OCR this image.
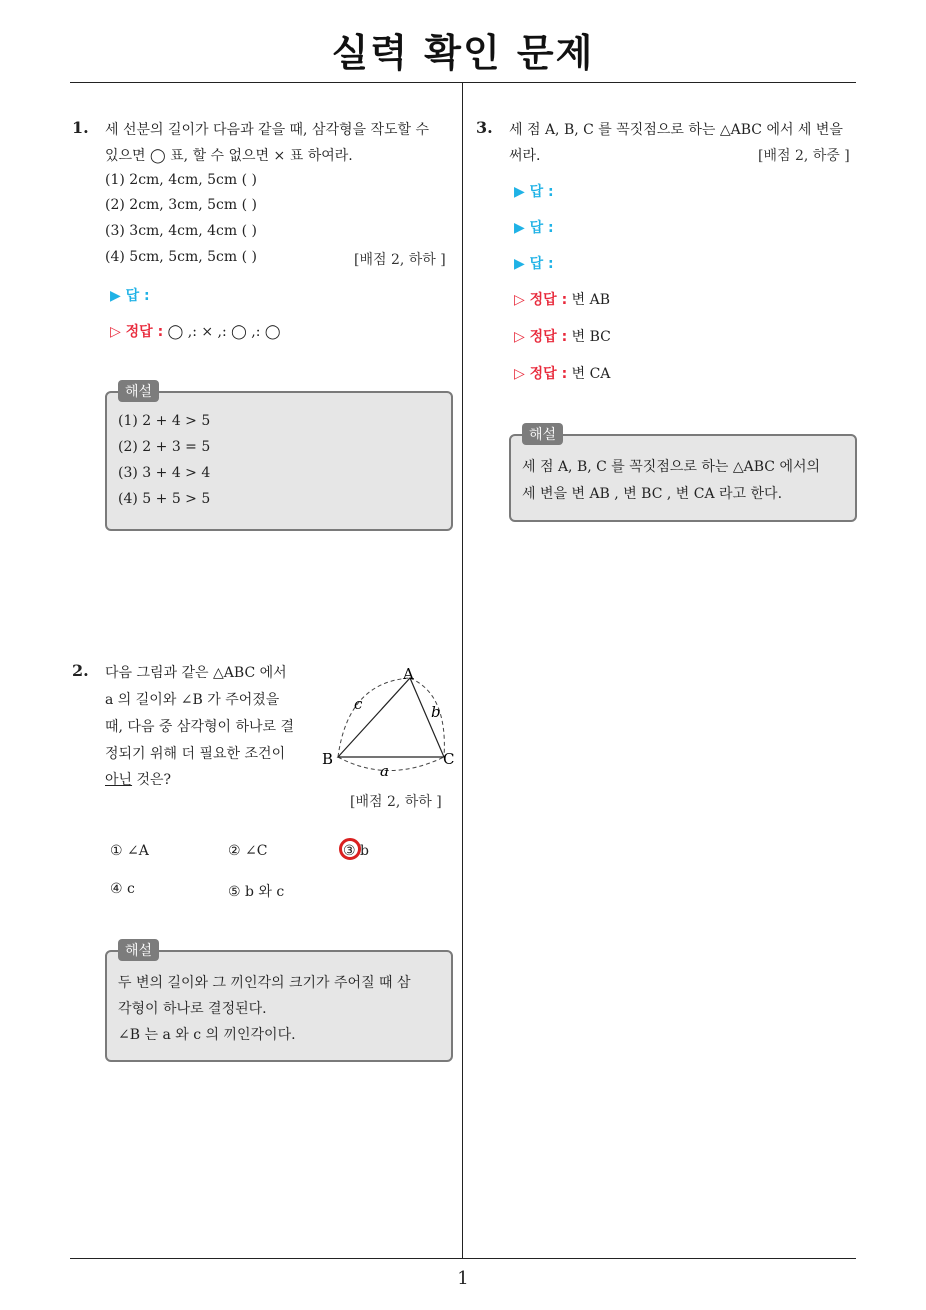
실력 확인 문제
1. 세 선분의 길이가 다음과 같을 때, 삼각형을 작도할 수
있으면 ◯ 표, 할 수 없으면 × 표 하여라.
(1) 2cm, 4cm, 5cm ( )
(2) 2cm, 3cm, 5cm ( )
(3) 3cm, 4cm, 4cm ( )
(4) 5cm, 5cm, 5cm ( )	[배점 2, 하하 ]
▶ 답 :
▷ 정답 : ◯ ,: × ,: ◯ ,: ◯
해설
(1) 2 + 4 > 5
(2) 2 + 3 = 5
(3) 3 + 4 > 4
(4) 5 + 5 > 5
2. 다음 그림과 같은 △ABC 에서
a 의 길이와 ∠B 가 주어졌을
때, 다음 중 삼각형이 하나로 결
정되기 위해 더 필요한 조건이
아닌 것은?
A
B	C
a
b
c
[배점 2, 하하 ]
① ∠A	② ∠C	③ b
④ c	⑤ b 와 c
해설
두 변의 길이와 그 끼인각의 크기가 주어질 때 삼
각형이 하나로 결정된다.
∠B 는 a 와 c 의 끼인각이다.
3. 세 점 A, B, C 를 꼭짓점으로 하는 △ABC 에서 세 변을
써라.	[배점 2, 하중 ]
▶ 답 :
▶ 답 :
▶ 답 :
▷ 정답 : 변 AB
▷ 정답 : 변 BC
▷ 정답 : 변 CA
해설
세 점 A, B, C 를 꼭짓점으로 하는 △ABC 에서의
세 변을 변 AB , 변 BC , 변 CA 라고 한다.
1
